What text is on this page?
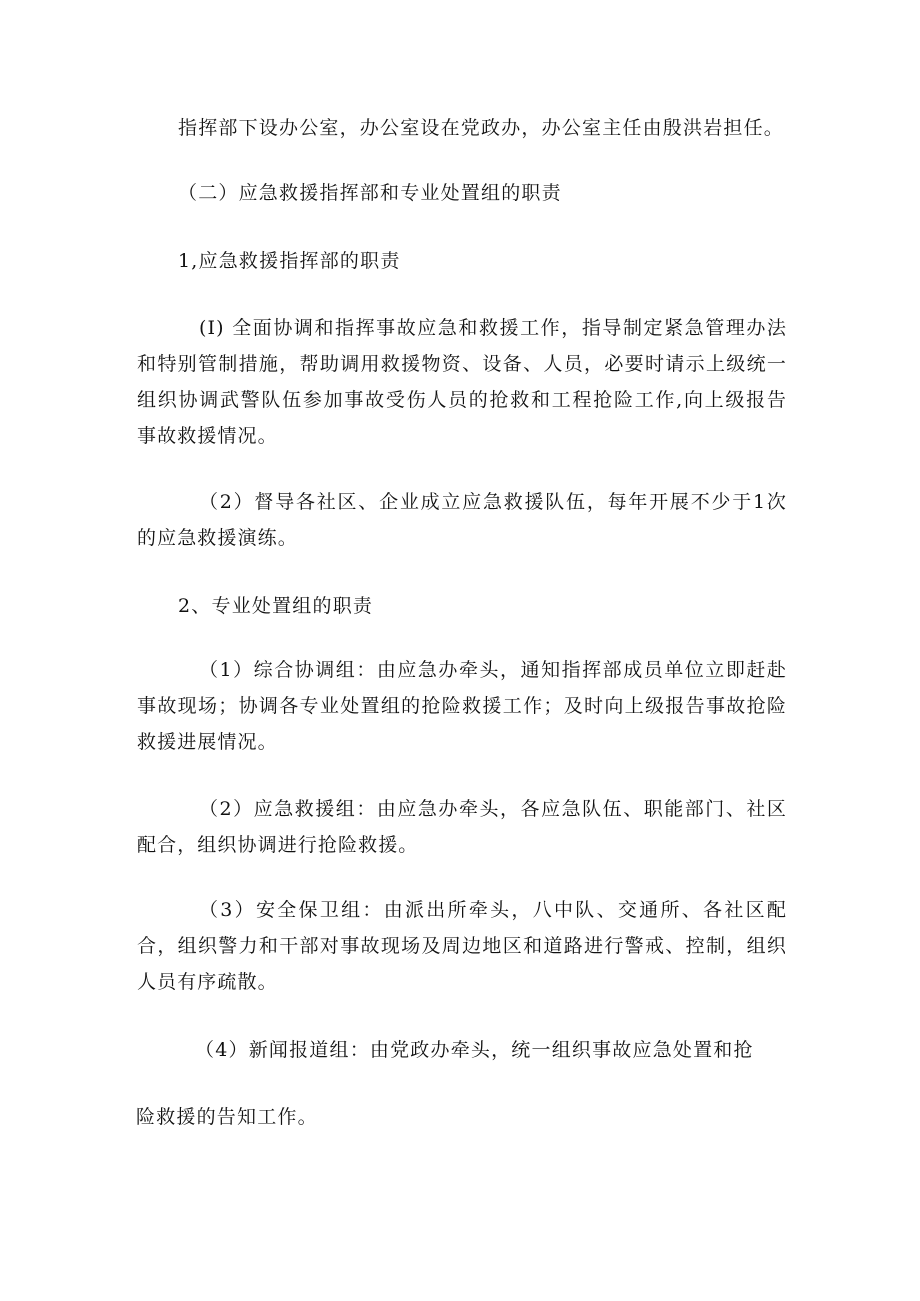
指挥部下设办公室，办公室设在党政办，办公室主任由殷洪岩担任。
（二）应急救援指挥部和专业处置组的职责
1,应急救援指挥部的职责
(I) 全面协调和指挥事故应急和救援工作，指导制定紧急管理办法和特别管制措施，帮助调用救援物资、设备、人员，必要时请示上级统一组织协调武警队伍参加事故受伤人员的抢救和工程抢险工作,向上级报告事故救援情况。
（2）督导各社区、企业成立应急救援队伍，每年开展不少于1次的应急救援演练。
2、专业处置组的职责
（1）综合协调组：由应急办牵头，通知指挥部成员单位立即赶赴事故现场；协调各专业处置组的抢险救援工作；及时向上级报告事故抢险救援进展情况。
（2）应急救援组：由应急办牵头，各应急队伍、职能部门、社区配合，组织协调进行抢险救援。
（3）安全保卫组：由派出所牵头，八中队、交通所、各社区配合，组织警力和干部对事故现场及周边地区和道路进行警戒、控制，组织人员有序疏散。
（4）新闻报道组：由党政办牵头，统一组织事故应急处置和抢
险救援的告知工作。
